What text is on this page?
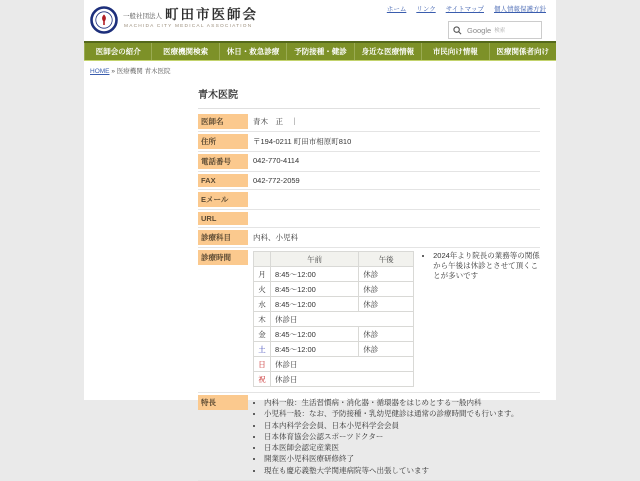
一般社団法人 町田市医師会
MACHIDA CITY MEDICAL ASSOCIATION
ホーム リンク サイトマップ 個人情報保護方針
Google 検索
医師会の紹介	医療機関検索	休日・救急診療	予防接種・健診	身近な医療情報	市民向け情報	医療関係者向け
HOME » 医療機関 青木医院
青木医院
医師名	青木　正　｜
住所	〒194-0211 町田市相原町810
電話番号	042-770-4114
FAX	042-772-2059
Eメール
URL
診療科目	内科、小児科
診療時間
		午前	午後
月	8:45～12:00	休診
火	8:45～12:00	休診
水	8:45～12:00	休診
木	休診日	
金	8:45～12:00	休診
土	8:45～12:00	休診
日	休診日	
祝	休診日	
• 2024年より院長の業務等の関係から午後は休診とさせて頂くことが多いです
特長	• 内科一般：生活習慣病・消化器・循環器をはじめとする一般内科
• 小児科一般：なお、予防接種・乳幼児健診は通常の診療時間でも行います。
• 日本内科学会会員、日本小児科学会会員
• 日本体育協会公認スポーツドクター
• 日本医師会認定産業医
• 開業医小児科医療研修終了
• 現在も慶応義塾大学関連病院等へ出張しています
